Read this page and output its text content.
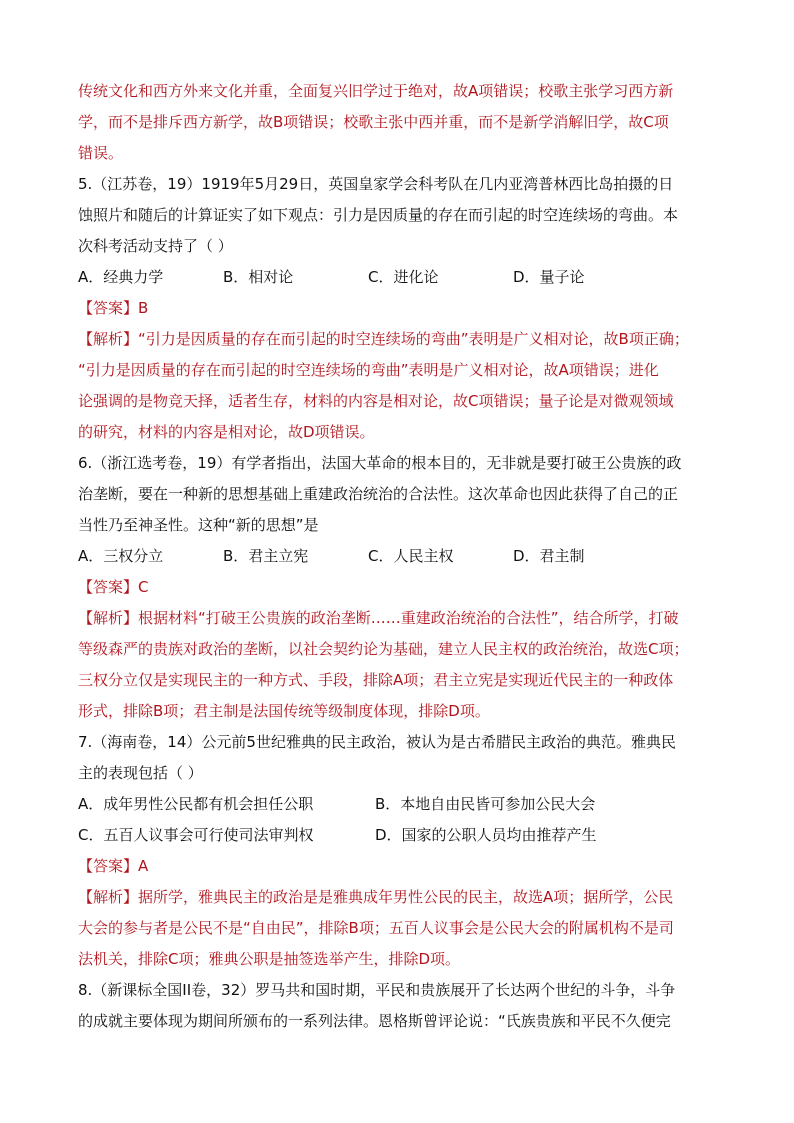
传统文化和西方外来文化并重，全面复兴旧学过于绝对，故A项错误；校歌主张学习西方新
学，而不是排斥西方新学，故B项错误；校歌主张中西并重，而不是新学消解旧学，故C项
错误。
5.（江苏卷，19）1919年5月29日，英国皇家学会科考队在几内亚湾普林西比岛拍摄的日
蚀照片和随后的计算证实了如下观点：引力是因质量的存在而引起的时空连续场的弯曲。本
次科考活动支持了（ ）
A．经典力学	B．相对论	C．进化论	D．量子论
【答案】B
【解析】“引力是因质量的存在而引起的时空连续场的弯曲”表明是广义相对论，故B项正确；
“引力是因质量的存在而引起的时空连续场的弯曲”表明是广义相对论，故A项错误；进化
论强调的是物竞天择，适者生存，材料的内容是相对论，故C项错误；量子论是对微观领域
的研究，材料的内容是相对论，故D项错误。
6.（浙江选考卷，19）有学者指出，法国大革命的根本目的，无非就是要打破王公贵族的政
治垄断，要在一种新的思想基础上重建政治统治的合法性。这次革命也因此获得了自己的正
当性乃至神圣性。这种“新的思想”是
A．三权分立	B．君主立宪	C．人民主权	D．君主制
【答案】C
【解析】根据材料“打破王公贵族的政治垄断……重建政治统治的合法性”，结合所学，打破
等级森严的贵族对政治的垄断，以社会契约论为基础，建立人民主权的政治统治，故选C项；
三权分立仅是实现民主的一种方式、手段，排除A项；君主立宪是实现近代民主的一种政体
形式，排除B项；君主制是法国传统等级制度体现，排除D项。
7.（海南卷，14）公元前5世纪雅典的民主政治，被认为是古希腊民主政治的典范。雅典民
主的表现包括（ ）
A．成年男性公民都有机会担任公职	B．本地自由民皆可参加公民大会
C．五百人议事会可行使司法审判权	D．国家的公职人员均由推荐产生
【答案】A
【解析】据所学，雅典民主的政治是是雅典成年男性公民的民主，故选A项；据所学，公民
大会的参与者是公民不是“自由民”，排除B项；五百人议事会是公民大会的附属机构不是司
法机关，排除C项；雅典公职是抽签选举产生，排除D项。
8.（新课标全国II卷，32）罗马共和国时期，平民和贵族展开了长达两个世纪的斗争，斗争
的成就主要体现为期间所颁布的一系列法律。恩格斯曾评论说：“氏族贵族和平民不久便完
